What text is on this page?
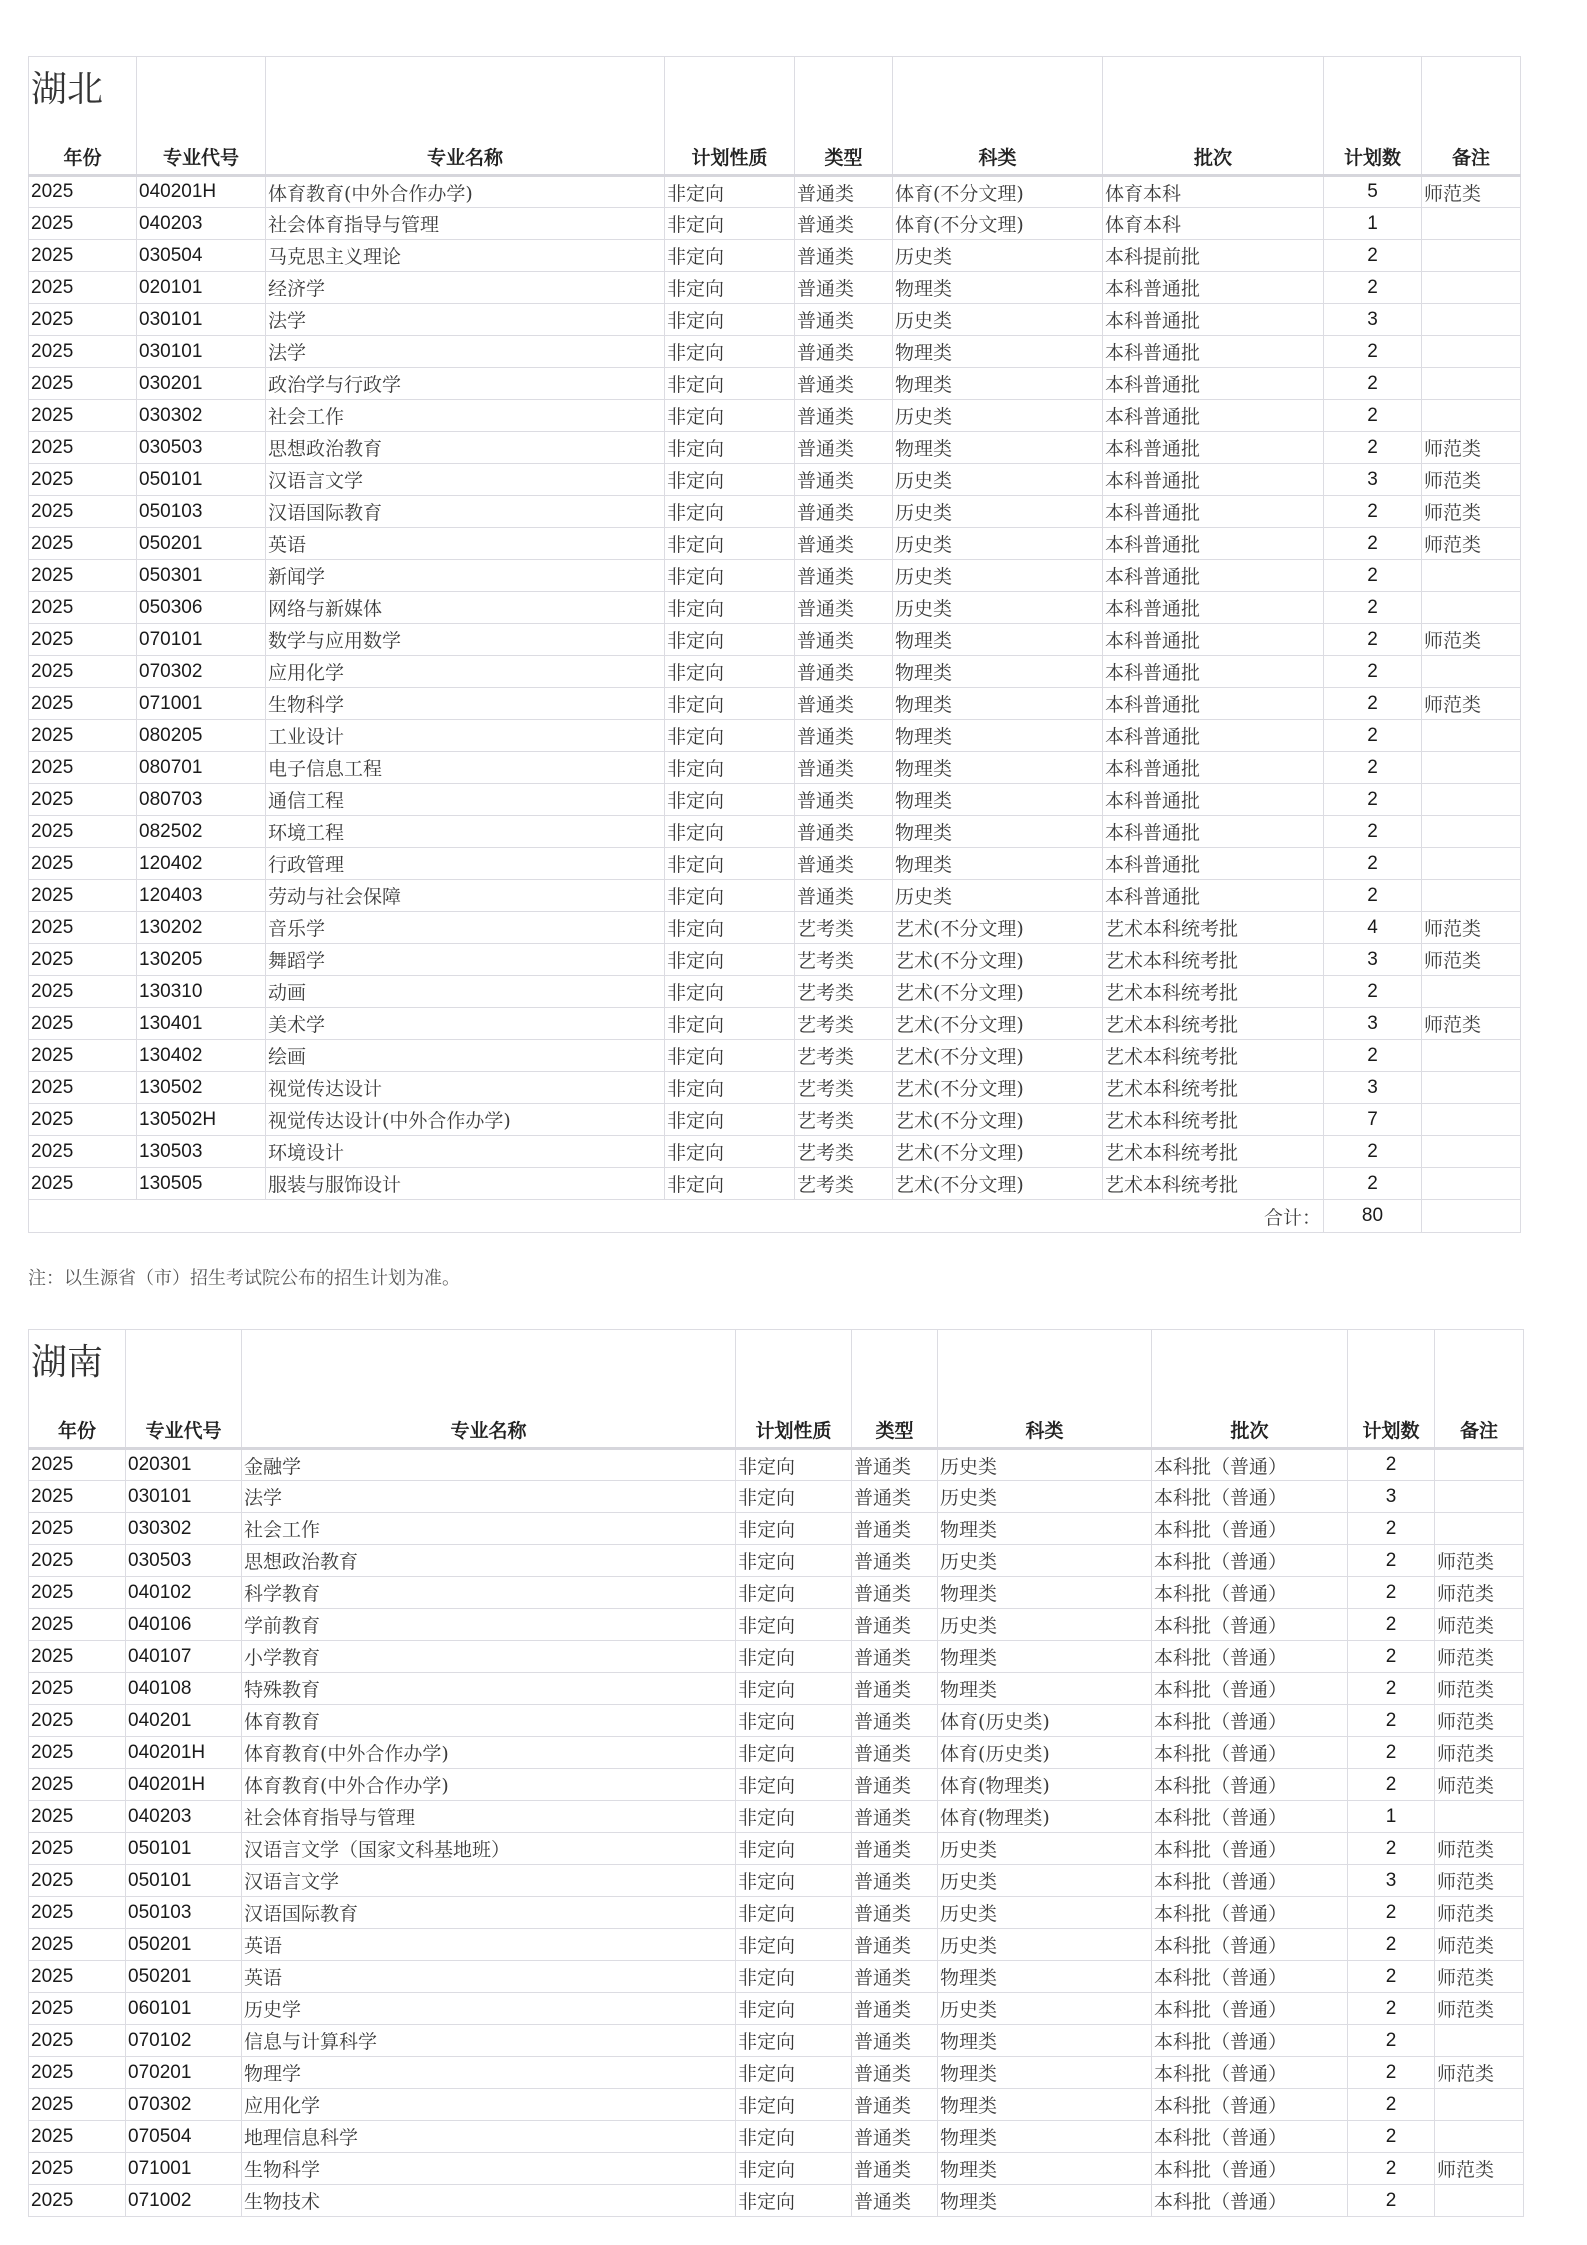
湖北
年份	专业代号	专业名称	计划性质	类型	科类	批次	计划数	备注
2025	040201H	体育教育(中外合作办学)	非定向	普通类	体育(不分文理)	体育本科	5	师范类
2025	040203	社会体育指导与管理	非定向	普通类	体育(不分文理)	体育本科	1	
2025	030504	马克思主义理论	非定向	普通类	历史类	本科提前批	2	
2025	020101	经济学	非定向	普通类	物理类	本科普通批	2	
2025	030101	法学	非定向	普通类	历史类	本科普通批	3	
2025	030101	法学	非定向	普通类	物理类	本科普通批	2	
2025	030201	政治学与行政学	非定向	普通类	物理类	本科普通批	2	
2025	030302	社会工作	非定向	普通类	历史类	本科普通批	2	
2025	030503	思想政治教育	非定向	普通类	物理类	本科普通批	2	师范类
2025	050101	汉语言文学	非定向	普通类	历史类	本科普通批	3	师范类
2025	050103	汉语国际教育	非定向	普通类	历史类	本科普通批	2	师范类
2025	050201	英语	非定向	普通类	历史类	本科普通批	2	师范类
2025	050301	新闻学	非定向	普通类	历史类	本科普通批	2	
2025	050306	网络与新媒体	非定向	普通类	历史类	本科普通批	2	
2025	070101	数学与应用数学	非定向	普通类	物理类	本科普通批	2	师范类
2025	070302	应用化学	非定向	普通类	物理类	本科普通批	2	
2025	071001	生物科学	非定向	普通类	物理类	本科普通批	2	师范类
2025	080205	工业设计	非定向	普通类	物理类	本科普通批	2	
2025	080701	电子信息工程	非定向	普通类	物理类	本科普通批	2	
2025	080703	通信工程	非定向	普通类	物理类	本科普通批	2	
2025	082502	环境工程	非定向	普通类	物理类	本科普通批	2	
2025	120402	行政管理	非定向	普通类	物理类	本科普通批	2	
2025	120403	劳动与社会保障	非定向	普通类	历史类	本科普通批	2	
2025	130202	音乐学	非定向	艺考类	艺术(不分文理)	艺术本科统考批	4	师范类
2025	130205	舞蹈学	非定向	艺考类	艺术(不分文理)	艺术本科统考批	3	师范类
2025	130310	动画	非定向	艺考类	艺术(不分文理)	艺术本科统考批	2	
2025	130401	美术学	非定向	艺考类	艺术(不分文理)	艺术本科统考批	3	师范类
2025	130402	绘画	非定向	艺考类	艺术(不分文理)	艺术本科统考批	2	
2025	130502	视觉传达设计	非定向	艺考类	艺术(不分文理)	艺术本科统考批	3	
2025	130502H	视觉传达设计(中外合作办学)	非定向	艺考类	艺术(不分文理)	艺术本科统考批	7	
2025	130503	环境设计	非定向	艺考类	艺术(不分文理)	艺术本科统考批	2	
2025	130505	服装与服饰设计	非定向	艺考类	艺术(不分文理)	艺术本科统考批	2	
合计：							80	
注：以生源省（市）招生考试院公布的招生计划为准。
湖南
年份	专业代号	专业名称	计划性质	类型	科类	批次	计划数	备注
2025	020301	金融学	非定向	普通类	历史类	本科批（普通）	2	
2025	030101	法学	非定向	普通类	历史类	本科批（普通）	3	
2025	030302	社会工作	非定向	普通类	物理类	本科批（普通）	2	
2025	030503	思想政治教育	非定向	普通类	历史类	本科批（普通）	2	师范类
2025	040102	科学教育	非定向	普通类	物理类	本科批（普通）	2	师范类
2025	040106	学前教育	非定向	普通类	历史类	本科批（普通）	2	师范类
2025	040107	小学教育	非定向	普通类	物理类	本科批（普通）	2	师范类
2025	040108	特殊教育	非定向	普通类	物理类	本科批（普通）	2	师范类
2025	040201	体育教育	非定向	普通类	体育(历史类)	本科批（普通）	2	师范类
2025	040201H	体育教育(中外合作办学)	非定向	普通类	体育(历史类)	本科批（普通）	2	师范类
2025	040201H	体育教育(中外合作办学)	非定向	普通类	体育(物理类)	本科批（普通）	2	师范类
2025	040203	社会体育指导与管理	非定向	普通类	体育(物理类)	本科批（普通）	1	
2025	050101	汉语言文学（国家文科基地班）	非定向	普通类	历史类	本科批（普通）	2	师范类
2025	050101	汉语言文学	非定向	普通类	历史类	本科批（普通）	3	师范类
2025	050103	汉语国际教育	非定向	普通类	历史类	本科批（普通）	2	师范类
2025	050201	英语	非定向	普通类	历史类	本科批（普通）	2	师范类
2025	050201	英语	非定向	普通类	物理类	本科批（普通）	2	师范类
2025	060101	历史学	非定向	普通类	历史类	本科批（普通）	2	师范类
2025	070102	信息与计算科学	非定向	普通类	物理类	本科批（普通）	2	
2025	070201	物理学	非定向	普通类	物理类	本科批（普通）	2	师范类
2025	070302	应用化学	非定向	普通类	物理类	本科批（普通）	2	
2025	070504	地理信息科学	非定向	普通类	物理类	本科批（普通）	2	
2025	071001	生物科学	非定向	普通类	物理类	本科批（普通）	2	师范类
2025	071002	生物技术	非定向	普通类	物理类	本科批（普通）	2	
